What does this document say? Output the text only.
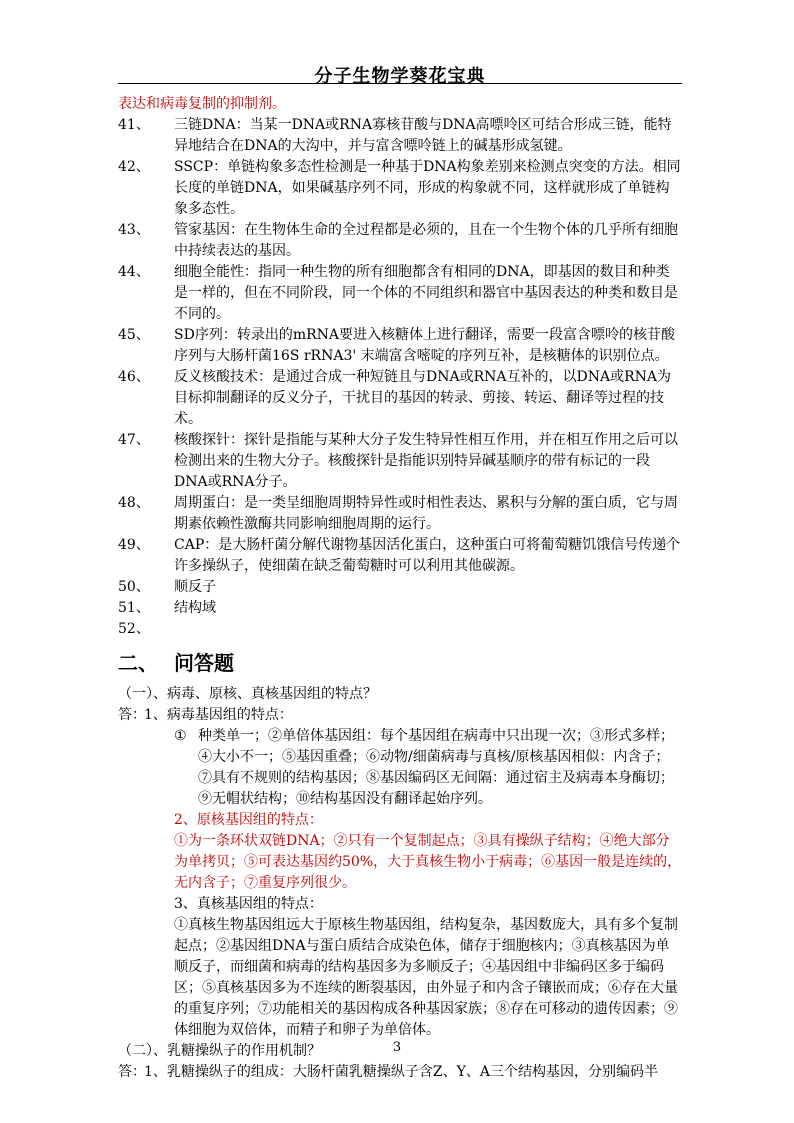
分子生物学葵花宝典

表达和病毒复制的抑制剂。

41、	三链DNA：当某一DNA或RNA寡核苷酸与DNA高嘌呤区可结合形成三链，能特异地结合在DNA的大沟中，并与富含嘌呤链上的碱基形成氢键。
42、	SSCP：单链构象多态性检测是一种基于DNA构象差别来检测点突变的方法。相同长度的单链DNA，如果碱基序列不同，形成的构象就不同，这样就形成了单链构象多态性。
43、	管家基因：在生物体生命的全过程都是必须的，且在一个生物个体的几乎所有细胞中持续表达的基因。
44、	细胞全能性：指同一种生物的所有细胞都含有相同的DNA，即基因的数目和种类是一样的，但在不同阶段，同一个体的不同组织和器官中基因表达的种类和数目是不同的。
45、	SD序列：转录出的mRNA要进入核糖体上进行翻译，需要一段富含嘌呤的核苷酸序列与大肠杆菌16S rRNA3' 末端富含嘧啶的序列互补，是核糖体的识别位点。
46、	反义核酸技术：是通过合成一种短链且与DNA或RNA互补的，以DNA或RNA为目标抑制翻译的反义分子，干扰目的基因的转录、剪接、转运、翻译等过程的技术。
47、	核酸探针：探针是指能与某种大分子发生特异性相互作用，并在相互作用之后可以检测出来的生物大分子。核酸探针是指能识别特异碱基顺序的带有标记的一段DNA或RNA分子。
48、	周期蛋白：是一类呈细胞周期特异性或时相性表达、累积与分解的蛋白质，它与周期素依赖性激酶共同影响细胞周期的运行。
49、	CAP：是大肠杆菌分解代谢物基因活化蛋白，这种蛋白可将葡萄糖饥饿信号传递个许多操纵子，使细菌在缺乏葡萄糖时可以利用其他碳源。
50、	顺反子
51、	结构域
52、
二、 问答题

（一）、病毒、原核、真核基因组的特点？

答：
1、病毒基因组的特点：
① 种类单一；②单倍体基因组：每个基因组在病毒中只出现一次；③形式多样；④大小不一；⑤基因重叠；⑥动物/细菌病毒与真核/原核基因相似：内含子；⑦具有不规则的结构基因；⑧基因编码区无间隔：通过宿主及病毒本身酶切；⑨无帽状结构；⑩结构基因没有翻译起始序列。
2、原核基因组的特点：
①为一条环状双链DNA；②只有一个复制起点；③具有操纵子结构；④绝大部分为单拷贝；⑤可表达基因约50%，大于真核生物小于病毒；⑥基因一般是连续的，无内含子；⑦重复序列很少。
3、真核基因组的特点：
①真核生物基因组远大于原核生物基因组，结构复杂，基因数庞大，具有多个复制起点；②基因组DNA与蛋白质结合成染色体，储存于细胞核内；③真核基因为单顺反子，而细菌和病毒的结构基因多为多顺反子；④基因组中非编码区多于编码区；⑤真核基因多为不连续的断裂基因，由外显子和内含子镶嵌而成；⑥存在大量的重复序列；⑦功能相关的基因构成各种基因家族；⑧存在可移动的遗传因素；⑨体细胞为双倍体，而精子和卵子为单倍体。

（二）、乳糖操纵子的作用机制？

答：
1、乳糖操纵子的组成：大肠杆菌乳糖操纵子含Z、Y、A三个结构基因，分别编码半
3
